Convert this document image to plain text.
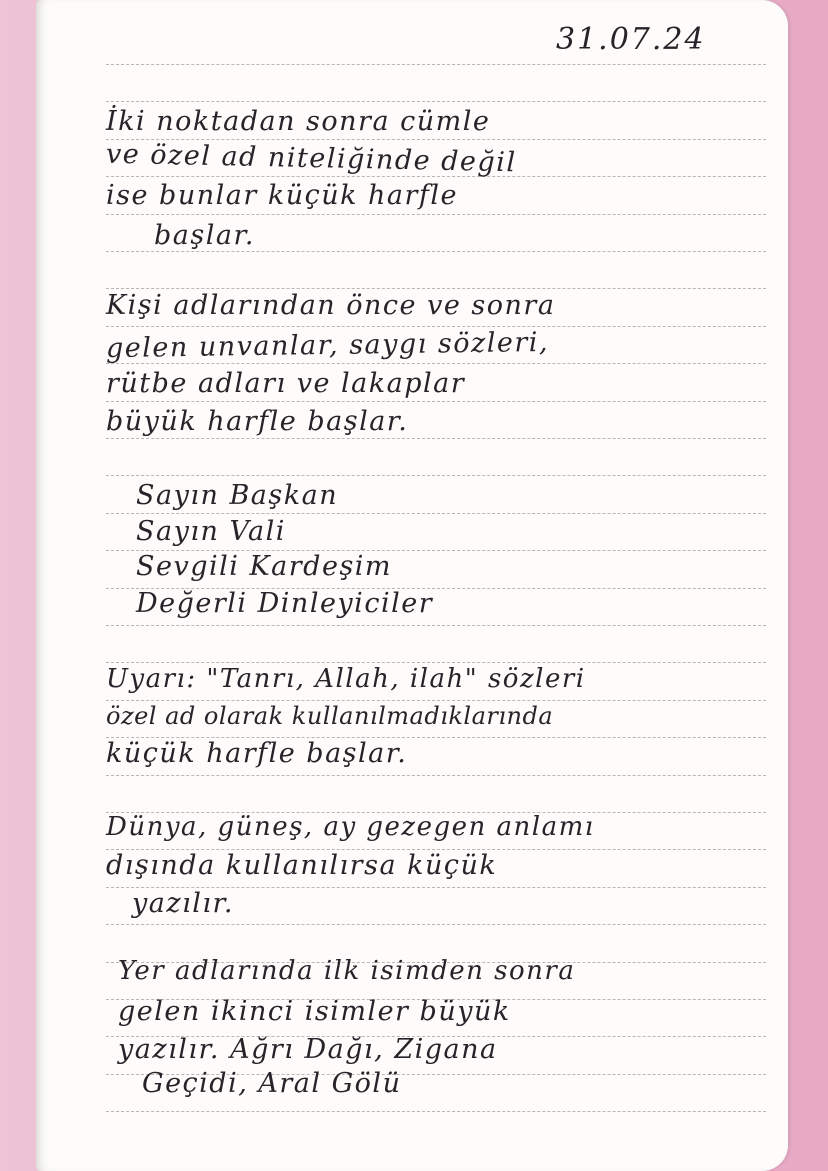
31.07.24
İki noktadan sonra cümle
ve özel ad niteliğinde değil
ise bunlar küçük harfle
başlar.
Kişi adlarından önce ve sonra
gelen unvanlar, saygı sözleri,
rütbe adları ve lakaplar
büyük harfle başlar.
Sayın Başkan
Sayın Vali
Sevgili Kardeşim
Değerli Dinleyiciler
Uyarı: "Tanrı, Allah, ilah" sözleri
özel ad olarak kullanılmadıklarında
küçük harfle başlar.
Dünya, güneş, ay gezegen anlamı
dışında kullanılırsa küçük
yazılır.
Yer adlarında ilk isimden sonra
gelen ikinci isimler büyük
yazılır. Ağrı Dağı, Zigana
Geçidi, Aral Gölü
